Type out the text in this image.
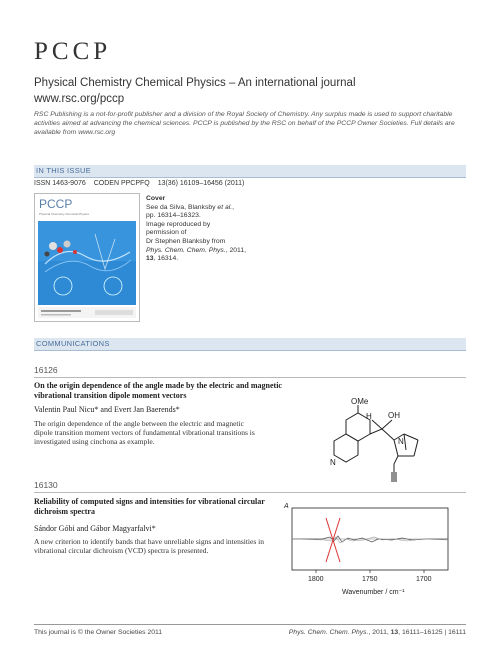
PCCP
Physical Chemistry Chemical Physics – An international journal
www.rsc.org/pccp
RSC Publishing is a not-for-profit publisher and a division of the Royal Society of Chemistry. Any surplus made is used to support charitable activities aimed at advancing the chemical sciences. PCCP is published by the RSC on behalf of the PCCP Owner Societies. Full details are available from www.rsc.org
IN THIS ISSUE
ISSN 1463-9076 CODEN PPCPFQ 13(36) 16109–16456 (2011)
PCCP
Physical Chemistry Chemical Physics
Cover
See da Silva, Blanksby et al.,
pp. 16314–16323.
Image reproduced by
permission of
Dr Stephen Blanksby from
Phys. Chem. Chem. Phys., 2011,
13, 16314.
COMMUNICATIONS
16126
On the origin dependence of the angle made by the electric and magnetic vibrational transition dipole moment vectors
Valentin Paul Nicu* and Evert Jan Baerends*
The origin dependence of the angle between the electric and magnetic dipole transition moment vectors of fundamental vibrational transitions is investigated using cinchona as example.
OMe
OH
H
N
N
16130
Reliability of computed signs and intensities for vibrational circular dichroism spectra
Sándor Góbi and Gábor Magyarfalvi*
A new criterion to identify bands that have unreliable signs and intensities in vibrational circular dichroism (VCD) spectra is presented.
A
1800	1750	1700
Wavenumber / cm⁻¹
This journal is © the Owner Societies 2011	Phys. Chem. Chem. Phys., 2011, 13, 16111–16125 | 16111
